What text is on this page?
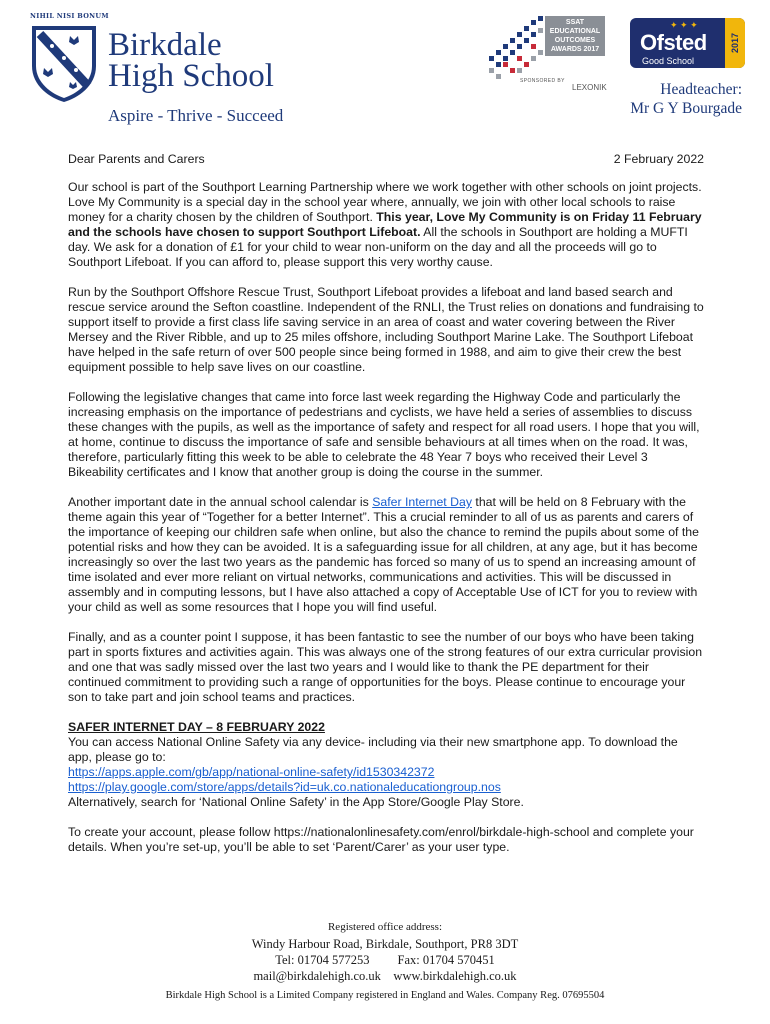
NIHIL NISI BONUM
Birkdale
High School
Aspire - Thrive - Succeed
SSAT
EDUCATIONAL
OUTCOMES
AWARDS 2017
SPONSORED BY
LEXONIK
✦ ✦ ✦
Ofsted
Good School
2017
Headteacher:
Mr G Y Bourgade
Dear Parents and Carers	2 February 2022

Our school is part of the Southport Learning Partnership where we work together with other schools on joint projects. Love My Community is a special day in the school year where, annually, we join with other local schools to raise money for a charity chosen by the children of Southport. This year, Love My Community is on Friday 11 February and the schools have chosen to support Southport Lifeboat. All the schools in Southport are holding a MUFTI day. We ask for a donation of £1 for your child to wear non-uniform on the day and all the proceeds will go to Southport Lifeboat. If you can afford to, please support this very worthy cause.

Run by the Southport Offshore Rescue Trust, Southport Lifeboat provides a lifeboat and land based search and rescue service around the Sefton coastline. Independent of the RNLI, the Trust relies on donations and fundraising to support itself to provide a first class life saving service in an area of coast and water covering between the River Mersey and the River Ribble, and up to 25 miles offshore, including Southport Marine Lake. The Southport Lifeboat have helped in the safe return of over 500 people since being formed in 1988, and aim to give their crew the best equipment possible to help save lives on our coastline.

Following the legislative changes that came into force last week regarding the Highway Code and particularly the increasing emphasis on the importance of pedestrians and cyclists, we have held a series of assemblies to discuss these changes with the pupils, as well as the importance of safety and respect for all road users. I hope that you will, at home, continue to discuss the importance of safe and sensible behaviours at all times when on the road. It was, therefore, particularly fitting this week to be able to celebrate the 48 Year 7 boys who received their Level 3 Bikeability certificates and I know that another group is doing the course in the summer.

Another important date in the annual school calendar is Safer Internet Day that will be held on 8 February with the theme again this year of “Together for a better Internet”. This a crucial reminder to all of us as parents and carers of the importance of keeping our children safe when online, but also the chance to remind the pupils about some of the potential risks and how they can be avoided. It is a safeguarding issue for all children, at any age, but it has become increasingly so over the last two years as the pandemic has forced so many of us to spend an increasing amount of time isolated and ever more reliant on virtual networks, communications and activities. This will be discussed in assembly and in computing lessons, but I have also attached a copy of Acceptable Use of ICT for you to review with your child as well as some resources that I hope you will find useful.

Finally, and as a counter point I suppose, it has been fantastic to see the number of our boys who have been taking part in sports fixtures and activities again. This was always one of the strong features of our extra curricular provision and one that was sadly missed over the last two years and I would like to thank the PE department for their continued commitment to providing such a range of opportunities for the boys. Please continue to encourage your son to take part and join school teams and practices.

SAFER INTERNET DAY – 8 FEBRUARY 2022
You can access National Online Safety via any device- including via their new smartphone app. To download the app, please go to:
https://apps.apple.com/gb/app/national-online-safety/id1530342372
https://play.google.com/store/apps/details?id=uk.co.nationaleducationgroup.nos
Alternatively, search for ‘National Online Safety’ in the App Store/Google Play Store.
To create your account, please follow https://nationalonlinesafety.com/enrol/birkdale-high-school and complete your details. When you’re set-up, you’ll be able to set ‘Parent/Carer’ as your user type.
Registered office address:
Windy Harbour Road, Birkdale, Southport, PR8 3DT
Tel: 01704 577253 Fax: 01704 570451
mail@birkdalehigh.co.uk www.birkdalehigh.co.uk
Birkdale High School is a Limited Company registered in England and Wales. Company Reg. 07695504
